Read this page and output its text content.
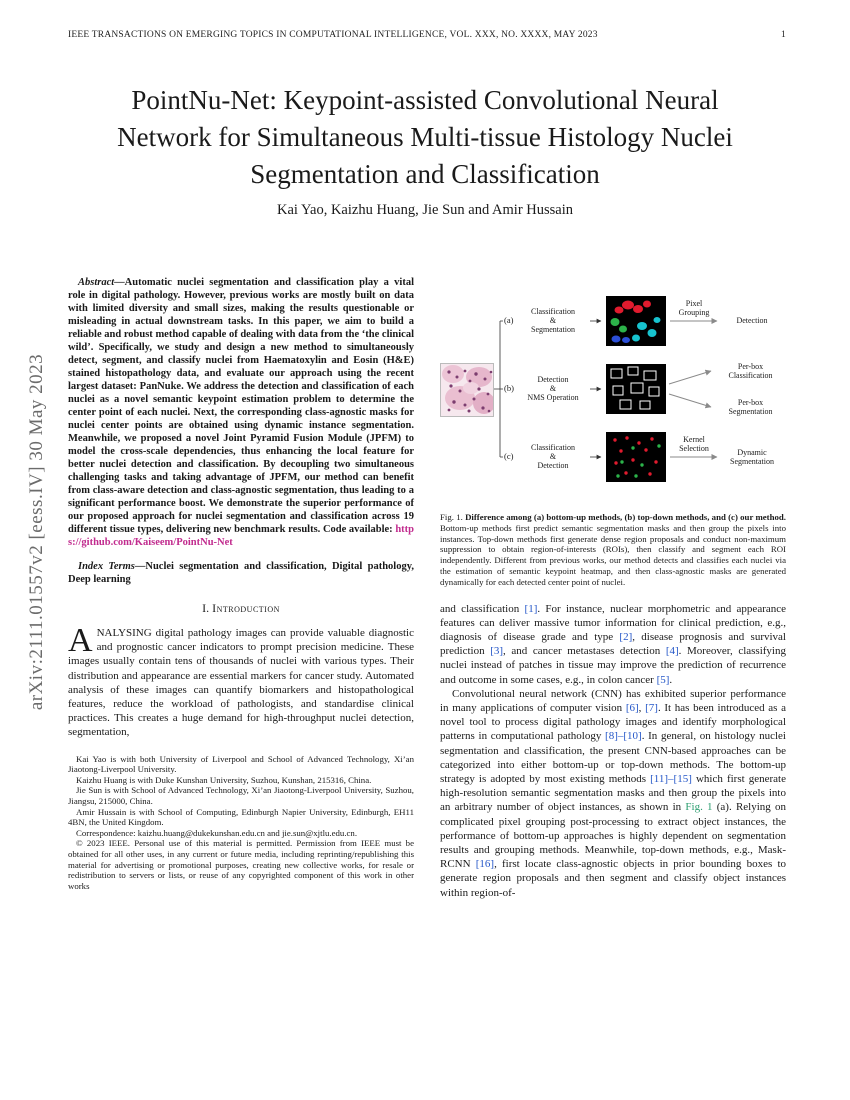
IEEE TRANSACTIONS ON EMERGING TOPICS IN COMPUTATIONAL INTELLIGENCE, VOL. XXX, NO. XXXX, MAY 2023	1
arXiv:2111.01557v2 [eess.IV] 30 May 2023
PointNu-Net: Keypoint-assisted Convolutional Neural Network for Simultaneous Multi-tissue Histology Nuclei Segmentation and Classification
Kai Yao, Kaizhu Huang, Jie Sun and Amir Hussain

Abstract—Automatic nuclei segmentation and classification play a vital role in digital pathology. However, previous works are mostly built on data with limited diversity and small sizes, making the results questionable or misleading in actual downstream tasks. In this paper, we aim to build a reliable and robust method capable of dealing with data from the ‘the clinical wild’. Specifically, we study and design a new method to simultaneously detect, segment, and classify nuclei from Haematoxylin and Eosin (H&E) stained histopathology data, and evaluate our approach using the recent largest dataset: PanNuke. We address the detection and classification of each nuclei as a novel semantic keypoint estimation problem to determine the center point of each nuclei. Next, the corresponding class-agnostic masks for nuclei center points are obtained using dynamic instance segmentation. Meanwhile, we proposed a novel Joint Pyramid Fusion Module (JPFM) to model the cross-scale dependencies, thus enhancing the local feature for better nuclei detection and classification. By decoupling two simultaneous challenging tasks and taking advantage of JPFM, our method can benefit from class-aware detection and class-agnostic segmentation, thus leading to a significant performance boost. We demonstrate the superior performance of our proposed approach for nuclei segmentation and classification across 19 different tissue types, delivering new benchmark results. Code available: https://github.com/Kaiseem/PointNu-Net

Index Terms—Nuclei segmentation and classification, Digital pathology, Deep learning

I. Introduction

ANALYSING digital pathology images can provide valuable diagnostic and prognostic cancer indicators to prompt precision medicine. These images usually contain tens of thousands of nuclei with various types. Their distribution and appearance are essential markers for cancer study. Automated analysis of these images can quantify biomarkers and histopathological features, reduce the workload of pathologists, and standardise clinical practices. This creates a huge demand for high-throughput nuclei detection, segmentation,

Kai Yao is with both University of Liverpool and School of Advanced Technology, Xi’an Jiaotong-Liverpool University.

Kaizhu Huang is with Duke Kunshan University, Suzhou, Kunshan, 215316, China.

Jie Sun is with School of Advanced Technology, Xi’an Jiaotong-Liverpool University, Suzhou, Jiangsu, 215000, China.

Amir Hussain is with School of Computing, Edinburgh Napier University, Edinburgh, EH11 4BN, the United Kingdom.

Correspondence: kaizhu.huang@dukekunshan.edu.cn and jie.sun@xjtlu.edu.cn.

© 2023 IEEE. Personal use of this material is permitted. Permission from IEEE must be obtained for all other uses, in any current or future media, including reprinting/republishing this material for advertising or promotional purposes, creating new collective works, for resale or redistribution to servers or lists, or reuse of any copyrighted component of this work in other works

(a)
(b)
(c)
Classification
&
Segmentation
Detection
&
NMS Operation
Classification
&
Detection
Pixel Grouping
Kernel Selection
Detection
Per-box Classification
Per-box Segmentation
Dynamic Segmentation
Fig. 1. Difference among (a) bottom-up methods, (b) top-down methods, and (c) our method. Bottom-up methods first predict semantic segmentation masks and then group the pixels into instances. Top-down methods first generate dense region proposals and conduct non-maximum suppression to obtain region-of-interests (ROIs), then classify and segment each ROI independently. Different from previous works, our method detects and classifies each nuclei via the estimation of semantic keypoint heatmap, and then class-agnostic masks are generated dynamically for each detected center point of nuclei.

and classification [1]. For instance, nuclear morphometric and appearance features can deliver massive tumor information for clinical prediction, e.g., diagnosis of disease grade and type [2], disease prognosis and survival prediction [3], and cancer metastases detection [4]. Moreover, classifying nuclei instead of patches in tissue may improve the prediction of recurrence and outcome in some cases, e.g., in colon cancer [5].

Convolutional neural network (CNN) has exhibited superior performance in many applications of computer vision [6], [7]. It has been introduced as a novel tool to process digital pathology images and identify morphological patterns in computational pathology [8]–[10]. In general, on histology nuclei segmentation and classification, the present CNN-based approaches can be categorized into either bottom-up or top-down methods. The bottom-up strategy is adopted by most existing methods [11]–[15] which first generate high-resolution semantic segmentation masks and then group the pixels into an arbitrary number of object instances, as shown in Fig. 1 (a). Relying on complicated pixel grouping post-processing to extract object instances, the performance of bottom-up approaches is highly dependent on segmentation results and grouping methods. Meanwhile, top-down methods, e.g., Mask-RCNN [16], first locate class-agnostic objects in prior bounding boxes to generate region proposals and then segment and classify object instances within region-of-
